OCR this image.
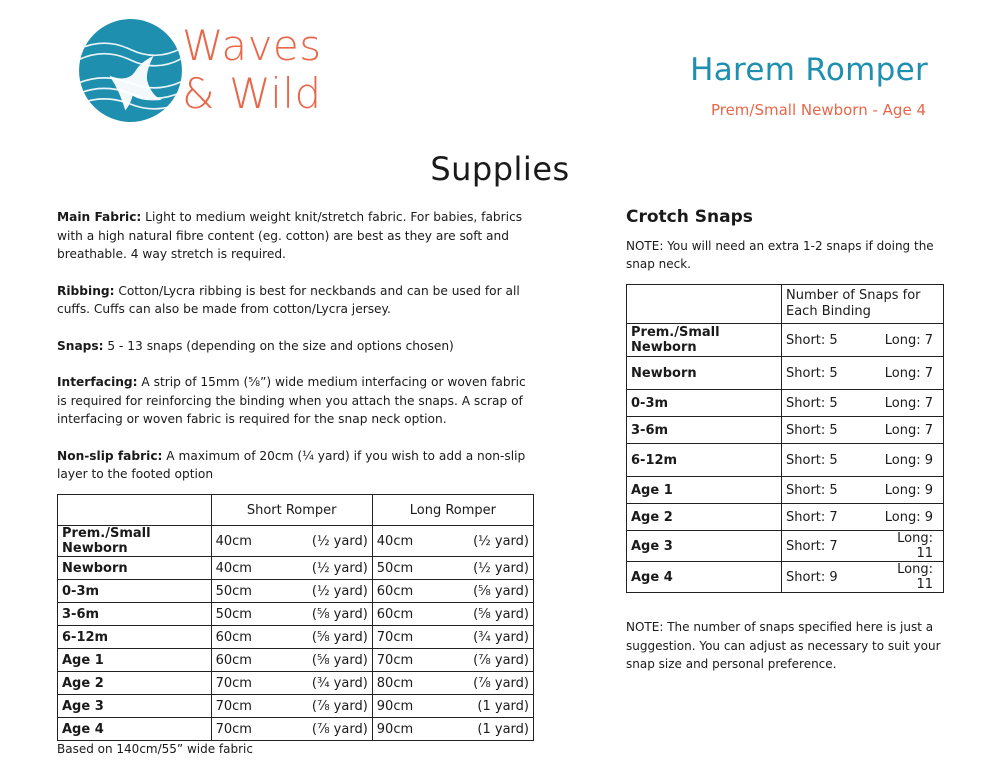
Waves
& Wild	Harem Romper
Prem/Small Newborn - Age 4
Supplies

Main Fabric: Light to medium weight knit/stretch fabric. For babies, fabrics with a high natural fibre content (eg. cotton) are best as they are soft and breathable. 4 way stretch is required.

Ribbing: Cotton/Lycra ribbing is best for neckbands and can be used for all cuffs. Cuffs can also be made from cotton/Lycra jersey.

Snaps: 5 - 13 snaps (depending on the size and options chosen)

Interfacing: A strip of 15mm (⅝”) wide medium interfacing or woven fabric is required for reinforcing the binding when you attach the snaps. A scrap of interfacing or woven fabric is required for the snap neck option.

Non-slip fabric: A maximum of 20cm (¼ yard) if you wish to add a non-slip layer to the footed option

	Short Romper		Long Romper	
Prem./Small Newborn	40cm	(½ yard)	40cm	(½ yard)
Newborn	40cm	(½ yard)	50cm	(½ yard)
0-3m	50cm	(½ yard)	60cm	(⅝ yard)
3-6m	50cm	(⅝ yard)	60cm	(⅝ yard)
6-12m	60cm	(⅝ yard)	70cm	(¾ yard)
Age 1	60cm	(⅝ yard)	70cm	(⅞ yard)
Age 2	70cm	(¾ yard)	80cm	(⅞ yard)
Age 3	70cm	(⅞ yard)	90cm	(1 yard)
Age 4	70cm	(⅞ yard)	90cm	(1 yard)
Based on 140cm/55” wide fabric
Crotch Snaps
NOTE: You will need an extra 1-2 snaps if doing the snap neck.
	Number of Snaps for Each Binding	
Prem./Small Newborn	Short: 5	Long: 7
Newborn	Short: 5	Long: 7
0-3m	Short: 5	Long: 7
3-6m	Short: 5	Long: 7
6-12m	Short: 5	Long: 9
Age 1	Short: 5	Long: 9
Age 2	Short: 7	Long: 9
Age 3	Short: 7	Long: 11
Age 4	Short: 9	Long: 11
NOTE: The number of snaps specified here is just a suggestion. You can adjust as necessary to suit your snap size and personal preference.
